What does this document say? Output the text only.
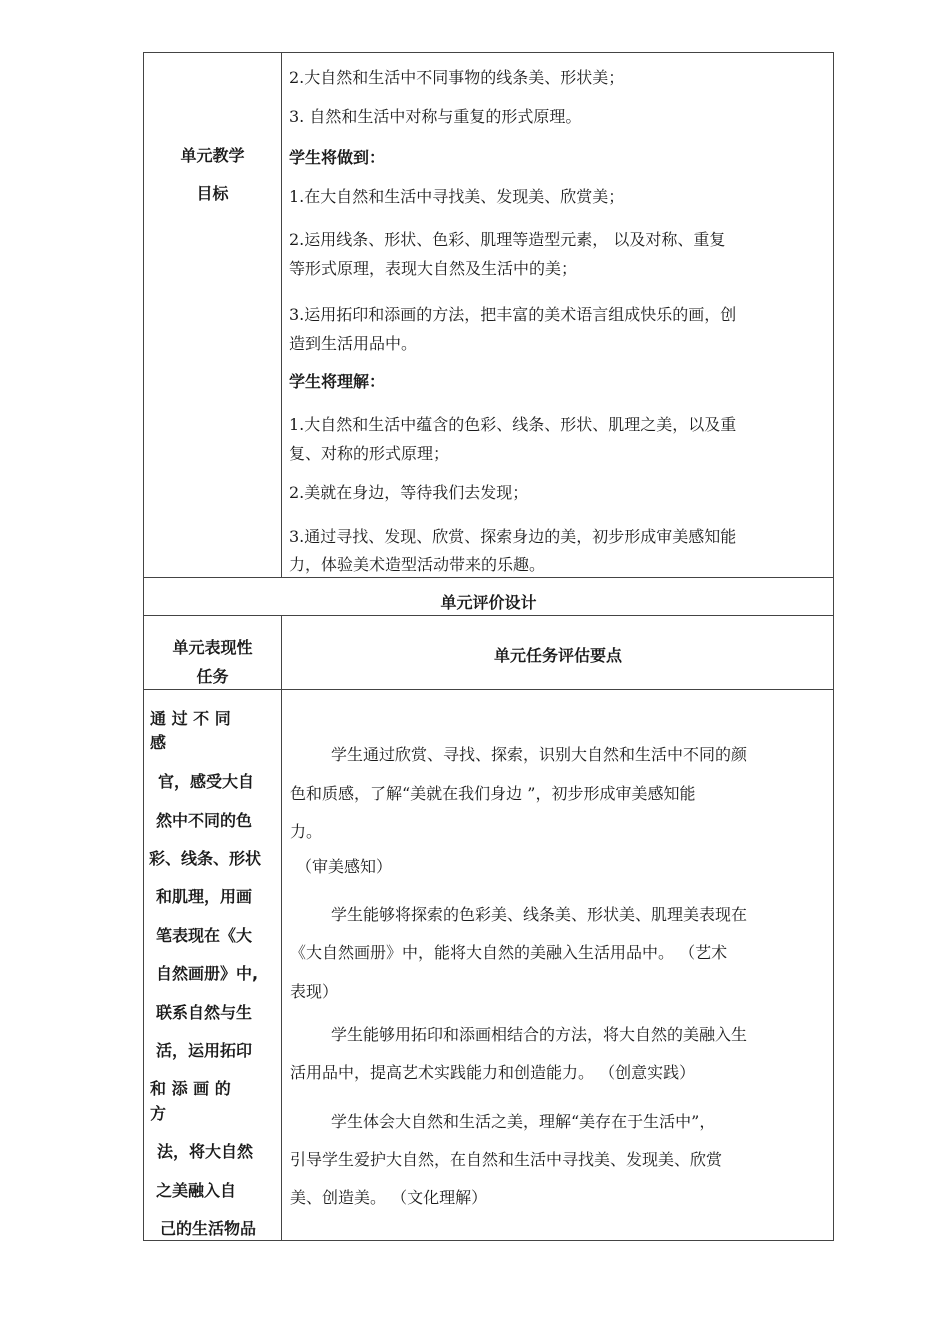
单元教学
目标
2.大自然和生活中不同事物的线条美、形状美；
3. 自然和生活中对称与重复的形式原理。
学生将做到：
1.在大自然和生活中寻找美、发现美、欣赏美；
2.运用线条、形状、色彩、肌理等造型元素， 以及对称、重复
等形式原理，表现大自然及生活中的美；
3.运用拓印和添画的方法，把丰富的美术语言组成快乐的画，创
造到生活用品中。
学生将理解：
1.大自然和生活中蕴含的色彩、线条、形状、肌理之美，以及重
复、对称的形式原理；
2.美就在身边，等待我们去发现；
3.通过寻找、发现、欣赏、探索身边的美，初步形成审美感知能
力，体验美术造型活动带来的乐趣。
单元评价设计
单元表现性
任务
单元任务评估要点
通 过 不 同
感
官，感受大自
然中不同的色
彩、线条、形状
和肌理，用画
笔表现在《大
自然画册》中,
联系自然与生
活，运用拓印
和 添 画 的
方
法，将大自然
之美融入自
己的生活物品
学生通过欣赏、寻找、探索，识别大自然和生活中不同的颜
色和质感，了解“美就在我们身边 ”，初步形成审美感知能
力。
（审美感知）
学生能够将探索的色彩美、线条美、形状美、肌理美表现在
《大自然画册》中，能将大自然的美融入生活用品中。 （艺术
表现）
学生能够用拓印和添画相结合的方法，将大自然的美融入生
活用品中，提高艺术实践能力和创造能力。 （创意实践）
学生体会大自然和生活之美，理解“美存在于生活中”，
引导学生爱护大自然，在自然和生活中寻找美、发现美、欣赏
美、创造美。 （文化理解）
